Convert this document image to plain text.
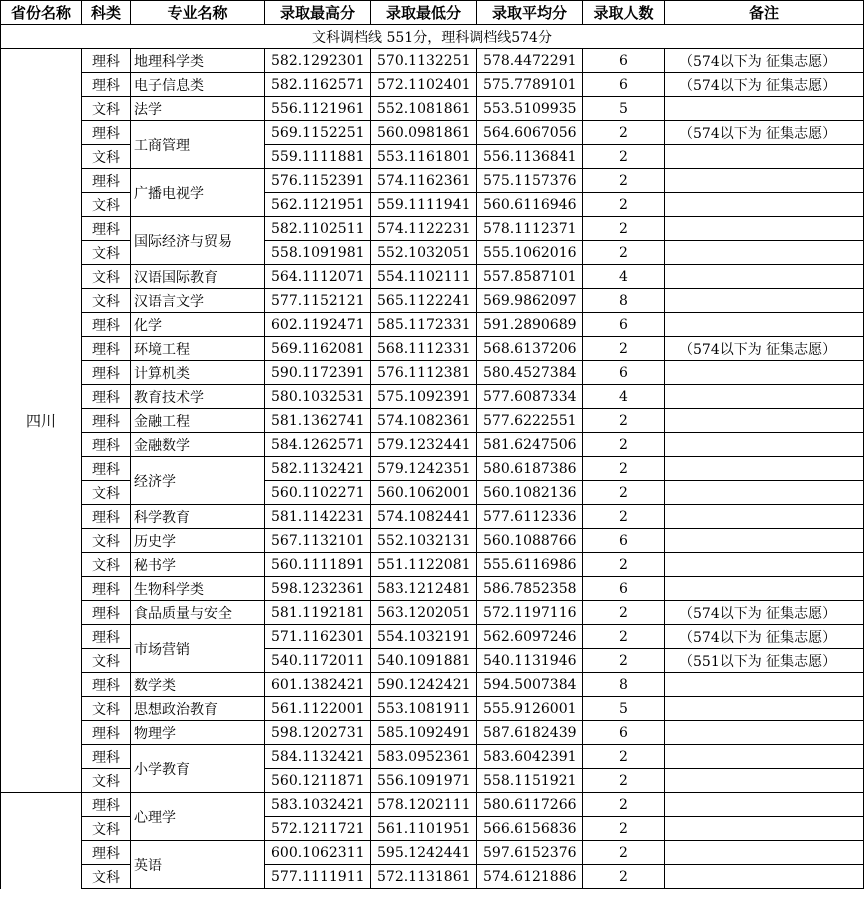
省份名称	科类	专业名称	录取最高分	录取最低分	录取平均分	录取人数	备注
文科调档线 551分，理科调档线574分							
四川	理科	地理科学类	582.1292301	570.1132251	578.4472291	6	（574以下为 征集志愿）
	理科	电子信息类	582.1162571	572.1102401	575.7789101	6	（574以下为 征集志愿）
	文科	法学	556.1121961	552.1081861	553.5109935	5	
	理科	工商管理	569.1152251	560.0981861	564.6067056	2	（574以下为 征集志愿）
	文科		559.1111881	553.1161801	556.1136841	2	
	理科	广播电视学	576.1152391	574.1162361	575.1157376	2	
	文科		562.1121951	559.1111941	560.6116946	2	
	理科	国际经济与贸易	582.1102511	574.1122231	578.1112371	2	
	文科		558.1091981	552.1032051	555.1062016	2	
	文科	汉语国际教育	564.1112071	554.1102111	557.8587101	4	
	文科	汉语言文学	577.1152121	565.1122241	569.9862097	8	
	理科	化学	602.1192471	585.1172331	591.2890689	6	
	理科	环境工程	569.1162081	568.1112331	568.6137206	2	（574以下为 征集志愿）
	理科	计算机类	590.1172391	576.1112381	580.4527384	6	
	理科	教育技术学	580.1032531	575.1092391	577.6087334	4	
	理科	金融工程	581.1362741	574.1082361	577.6222551	2	
	理科	金融数学	584.1262571	579.1232441	581.6247506	2	
	理科	经济学	582.1132421	579.1242351	580.6187386	2	
	文科		560.1102271	560.1062001	560.1082136	2	
	理科	科学教育	581.1142231	574.1082441	577.6112336	2	
	文科	历史学	567.1132101	552.1032131	560.1088766	6	
	文科	秘书学	560.1111891	551.1122081	555.6116986	2	
	理科	生物科学类	598.1232361	583.1212481	586.7852358	6	
	理科	食品质量与安全	581.1192181	563.1202051	572.1197116	2	（574以下为 征集志愿）
	理科	市场营销	571.1162301	554.1032191	562.6097246	2	（574以下为 征集志愿）
	文科		540.1172011	540.1091881	540.1131946	2	（551以下为 征集志愿）
	理科	数学类	601.1382421	590.1242421	594.5007384	8	
	文科	思想政治教育	561.1122001	553.1081911	555.9126001	5	
	理科	物理学	598.1202731	585.1092491	587.6182439	6	
	理科	小学教育	584.1132421	583.0952361	583.6042391	2	
	文科		560.1211871	556.1091971	558.1151921	2	
	理科	心理学	583.1032421	578.1202111	580.6117266	2	
	文科		572.1211721	561.1101951	566.6156836	2	
	理科	英语	600.1062311	595.1242441	597.6152376	2	
	文科		577.1111911	572.1131861	574.6121886	2	
